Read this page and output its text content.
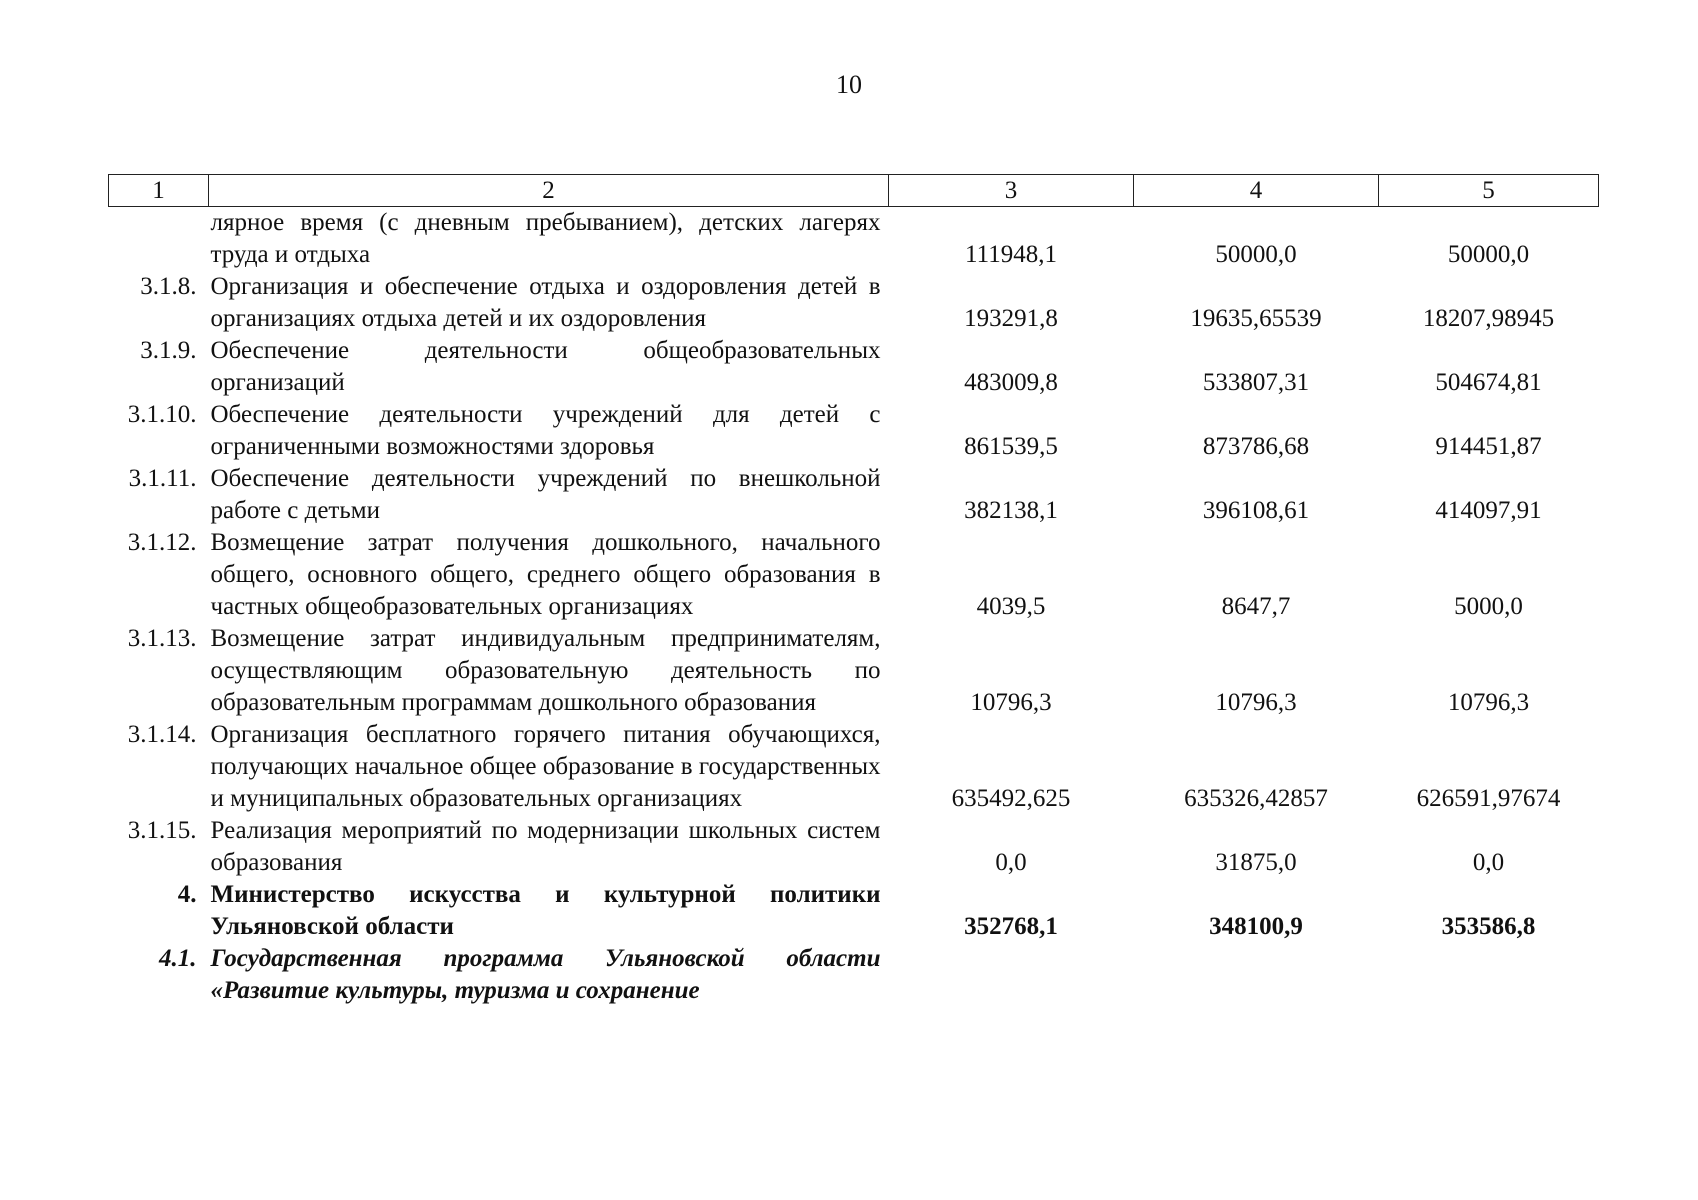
10
1	2	3	4	5
	лярное время (с дневным пребыванием), детских лагерях труда и отдыха	111948,1	50000,0	50000,0
3.1.8.	Организация и обеспечение отдыха и оздоровления детей в организациях отдыха детей и их оздоровления	193291,8	19635,65539	18207,98945
3.1.9.	Обеспечение деятельности общеобразовательных организаций	483009,8	533807,31	504674,81
3.1.10.	Обеспечение деятельности учреждений для детей с ограниченными возможностями здоровья	861539,5	873786,68	914451,87
3.1.11.	Обеспечение деятельности учреждений по внешкольной работе с детьми	382138,1	396108,61	414097,91
3.1.12.	Возмещение затрат получения дошкольного, начального общего, основного общего, среднего общего образования в частных общеобразовательных организациях	4039,5	8647,7	5000,0
3.1.13.	Возмещение затрат индивидуальным предпринимателям, осуществляющим образовательную деятельность по образовательным программам дошкольного образования	10796,3	10796,3	10796,3
3.1.14.	Организация бесплатного горячего питания обучающихся, получающих начальное общее образование в государственных и муниципальных образовательных организациях	635492,625	635326,42857	626591,97674
3.1.15.	Реализация мероприятий по модернизации школьных систем образования	0,0	31875,0	0,0
4.	Министерство искусства и культурной политики Ульяновской области	352768,1	348100,9	353586,8
4.1.	Государственная программа Ульяновской области «Развитие культуры, туризма и сохранение			
